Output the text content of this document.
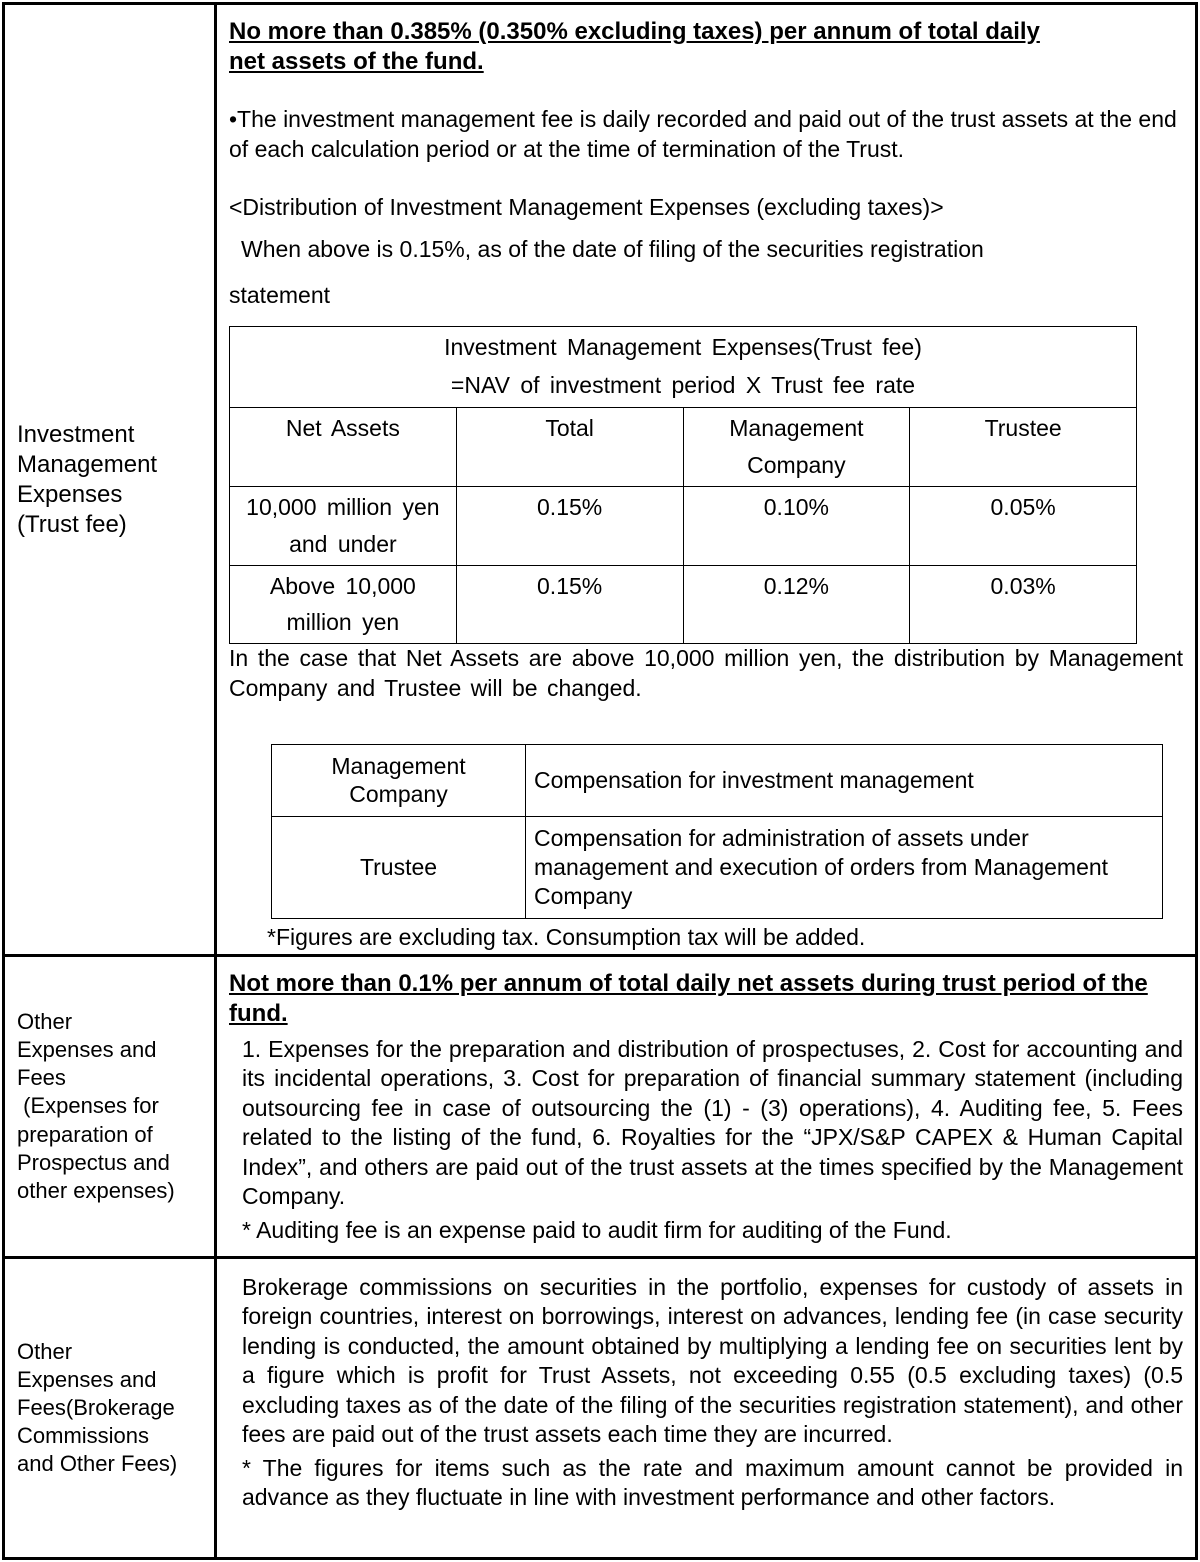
Investment
Management
Expenses
(Trust fee)

No more than 0.385% (0.350% excluding taxes) per annum of total daily
net assets of the fund.

•The investment management fee is daily recorded and paid out of the trust assets at the end of each calculation period or at the time of termination of the Trust.

<Distribution of Investment Management Expenses (excluding taxes)>

When above is 0.15%, as of the date of filing of the securities registration

statement

Investment Management Expenses(Trust fee)
=NAV of investment period X Trust fee rate

Net Assets	Total	Management Company	Trustee
10,000 million yen and under	0.15%	0.10%	0.05%
Above 10,000 million yen	0.15%	0.12%	0.03%

In the case that Net Assets are above 10,000 million yen, the distribution by Management Company and Trustee will be changed.

Management Company	Compensation for investment management
Trustee	Compensation for administration of assets under management and execution of orders from Management Company

*Figures are excluding tax. Consumption tax will be added.

Other
Expenses and
Fees
(Expenses for
preparation of
Prospectus and
other expenses)

Not more than 0.1% per annum of total daily net assets during trust period of the fund.

1. Expenses for the preparation and distribution of prospectuses, 2. Cost for accounting and its incidental operations, 3. Cost for preparation of financial summary statement (including outsourcing fee in case of outsourcing the (1) - (3) operations), 4. Auditing fee, 5. Fees related to the listing of the fund, 6. Royalties for the “JPX/S&P CAPEX & Human Capital Index”, and others are paid out of the trust assets at the times specified by the Management Company.

* Auditing fee is an expense paid to audit firm for auditing of the Fund.

Other
Expenses and
Fees(Brokerage
Commissions
and Other Fees)

Brokerage commissions on securities in the portfolio, expenses for custody of assets in foreign countries, interest on borrowings, interest on advances, lending fee (in case security lending is conducted, the amount obtained by multiplying a lending fee on securities lent by a figure which is profit for Trust Assets, not exceeding 0.55 (0.5 excluding taxes) (0.5 excluding taxes as of the date of the filing of the securities registration statement), and other fees are paid out of the trust assets each time they are incurred.

* The figures for items such as the rate and maximum amount cannot be provided in advance as they fluctuate in line with investment performance and other factors.
